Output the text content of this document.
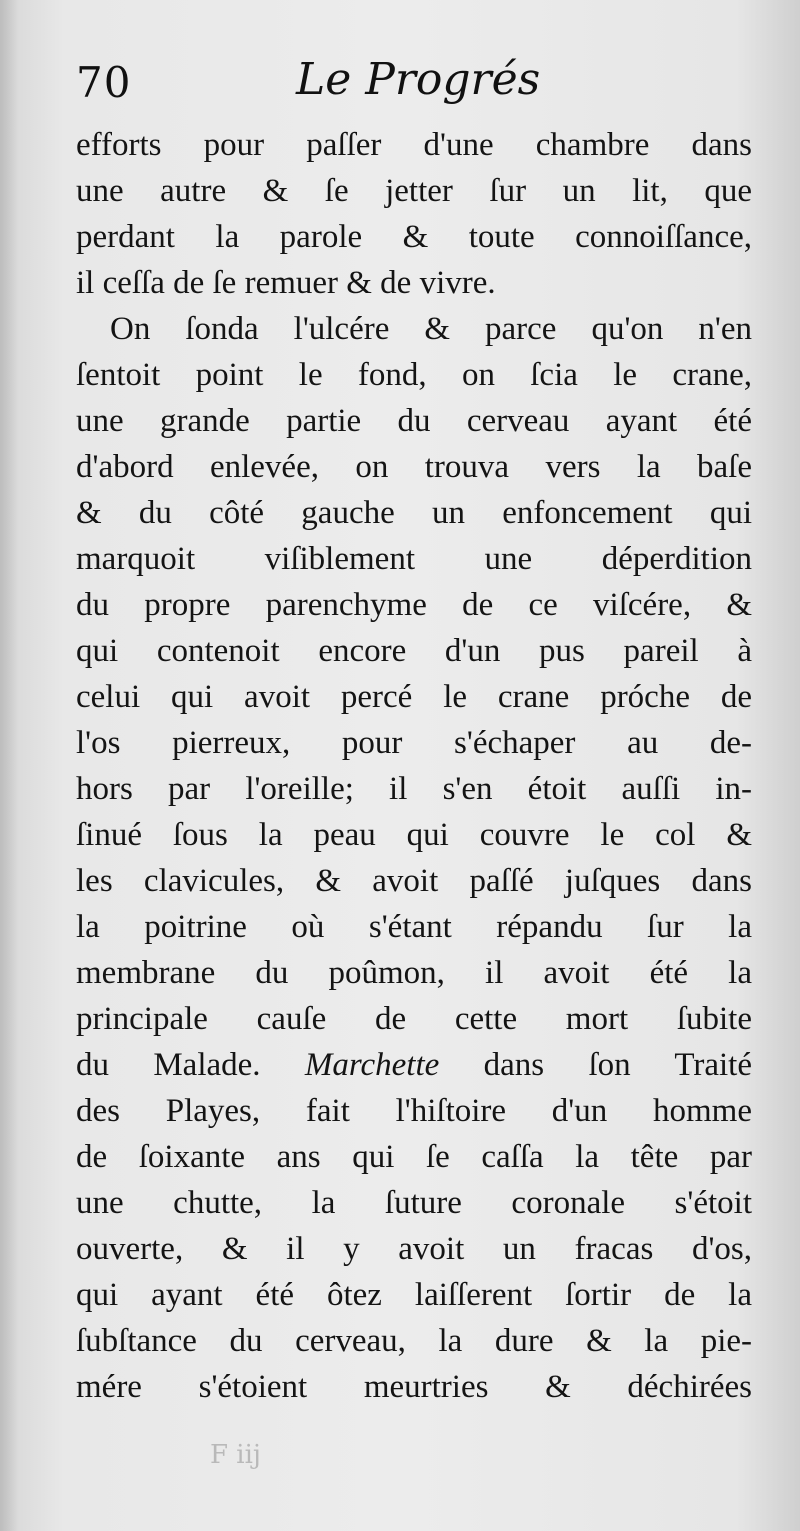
70	Le Progrés
efforts pour paſſer d'une chambre dans
une autre & ſe jetter ſur un lit, que
perdant la parole & toute connoiſſance,
il ceſſa de ſe remuer & de vivre.
On ſonda l'ulcére & parce qu'on n'en
ſentoit point le fond, on ſcia le crane,
une grande partie du cerveau ayant été
d'abord enlevée, on trouva vers la baſe
& du côté gauche un enfoncement qui
marquoit viſiblement une déperdition
du propre parenchyme de ce viſcére, &
qui contenoit encore d'un pus pareil à
celui qui avoit percé le crane próche de
l'os pierreux, pour s'échaper au de-
hors par l'oreille; il s'en étoit auſſi in-
ſinué ſous la peau qui couvre le col &
les clavicules, & avoit paſſé juſques dans
la poitrine où s'étant répandu ſur la
membrane du poûmon, il avoit été la
principale cauſe de cette mort ſubite
du Malade. Marchette dans ſon Traité
des Playes, fait l'hiſtoire d'un homme
de ſoixante ans qui ſe caſſa la tête par
une chutte, la ſuture coronale s'étoit
ouverte, & il y avoit un fracas d'os,
qui ayant été ôtez laiſſerent ſortir de la
ſubſtance du cerveau, la dure & la pie-
mére s'étoient meurtries & déchirées
F iij
